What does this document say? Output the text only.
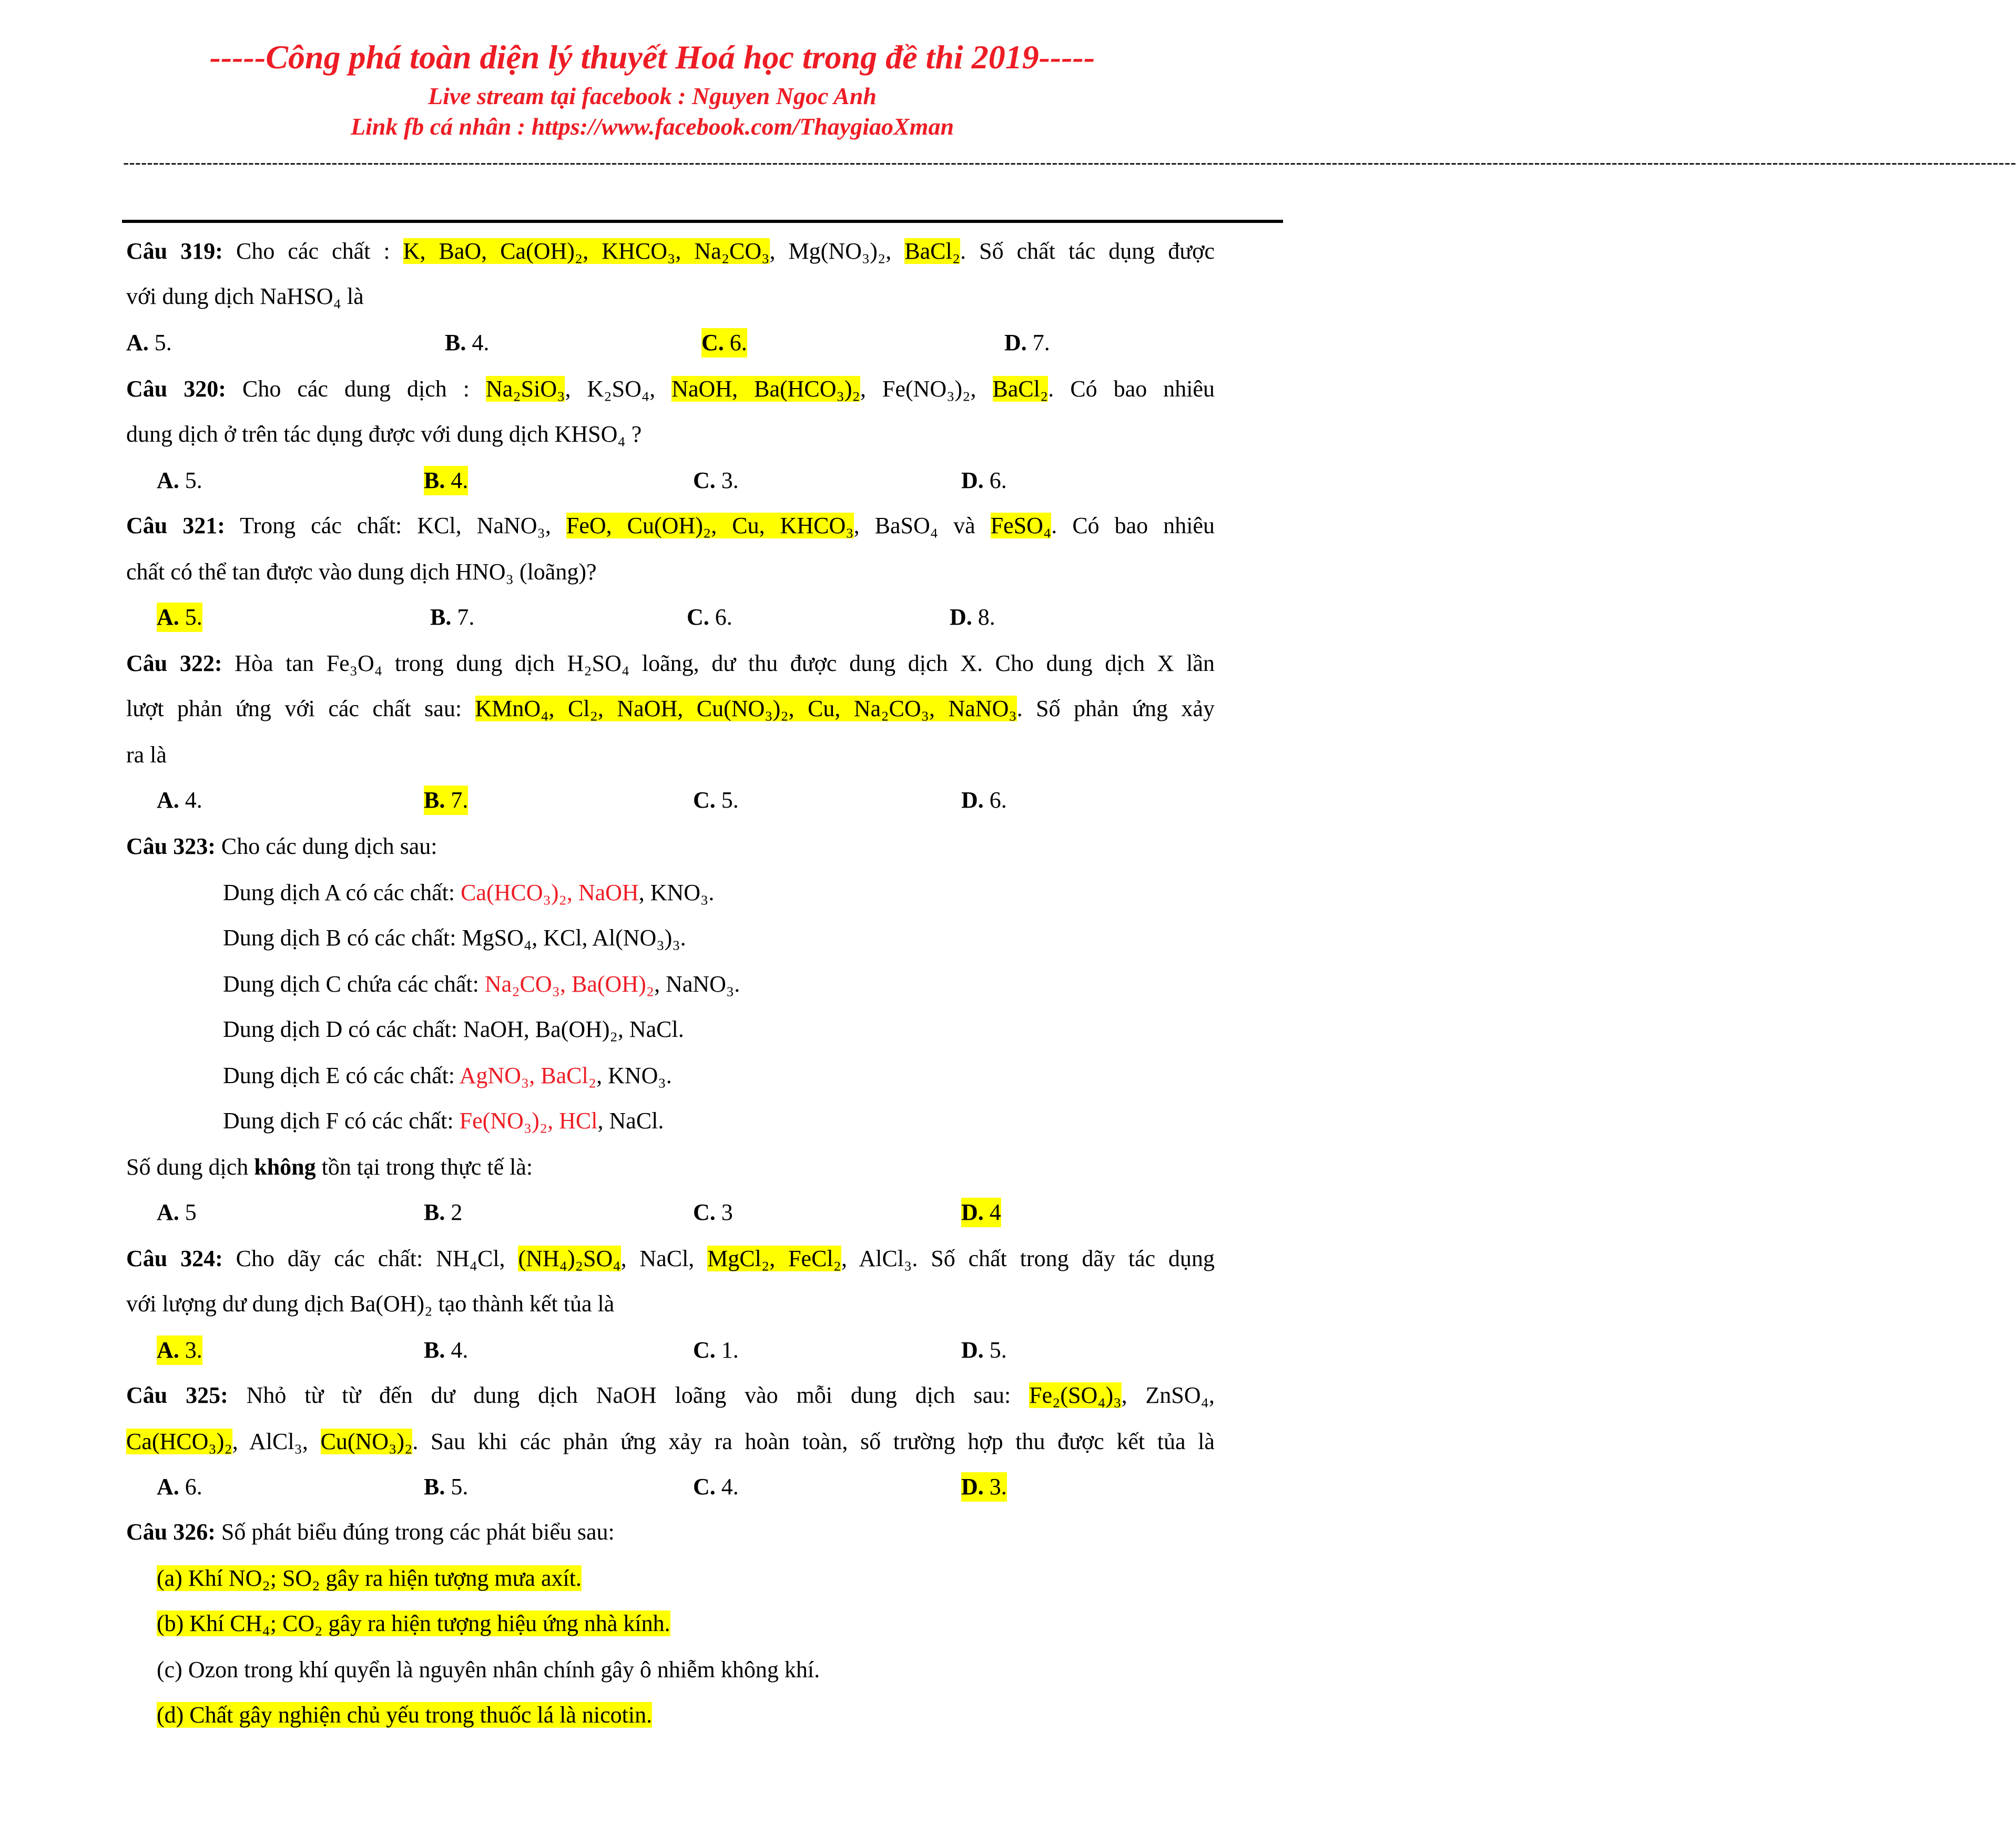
-----Công phá toàn diện lý thuyết Hoá học trong đề thi 2019-----
Live stream tại facebook : Nguyen Ngoc Anh
Link fb cá nhân : https://www.facebook.com/ThaygiaoXman
------------------------------------------------------------------------------------------------------------------------------------------------------------------------------------------------------------------------------------------------------------------------------------------------------------------------------
Câu 319: Cho các chất : K, BaO, Ca(OH)₂, KHCO₃, Na₂CO₃, Mg(NO₃)₂, BaCl₂. Số chất tác dụng được
với dung dịch NaHSO₄ là
A. 5.	B. 4.	C. 6.	D. 7.
Câu 320: Cho các dung dịch : Na₂SiO₃, K₂SO₄, NaOH, Ba(HCO₃)₂, Fe(NO₃)₂, BaCl₂. Có bao nhiêu
dung dịch ở trên tác dụng được với dung dịch KHSO₄ ?
A. 5.	B. 4.	C. 3.	D. 6.
Câu 321: Trong các chất: KCl, NaNO₃, FeO, Cu(OH)₂, Cu, KHCO₃, BaSO₄ và FeSO₄. Có bao nhiêu
chất có thể tan được vào dung dịch HNO₃ (loãng)?
A. 5.	B. 7.	C. 6.	D. 8.
Câu 322: Hòa tan Fe₃O₄ trong dung dịch H₂SO₄ loãng, dư thu được dung dịch X. Cho dung dịch X lần
lượt phản ứng với các chất sau: KMnO₄, Cl₂, NaOH, Cu(NO₃)₂, Cu, Na₂CO₃, NaNO₃. Số phản ứng xảy
ra là
A. 4.	B. 7.	C. 5.	D. 6.
Câu 323: Cho các dung dịch sau:
Dung dịch A có các chất: Ca(HCO₃)₂, NaOH, KNO₃.
Dung dịch B có các chất: MgSO₄, KCl, Al(NO₃)₃.
Dung dịch C chứa các chất: Na₂CO₃, Ba(OH)₂, NaNO₃.
Dung dịch D có các chất: NaOH, Ba(OH)₂, NaCl.
Dung dịch E có các chất: AgNO₃, BaCl₂, KNO₃.
Dung dịch F có các chất: Fe(NO₃)₂, HCl, NaCl.
Số dung dịch không tồn tại trong thực tế là:
A. 5	B. 2	C. 3	D. 4
Câu 324: Cho dãy các chất: NH₄Cl, (NH₄)₂SO₄, NaCl, MgCl₂, FeCl₂, AlCl₃. Số chất trong dãy tác dụng
với lượng dư dung dịch Ba(OH)₂ tạo thành kết tủa là
A. 3.	B. 4.	C. 1.	D. 5.
Câu 325: Nhỏ từ từ đến dư dung dịch NaOH loãng vào mỗi dung dịch sau: Fe₂(SO₄)₃, ZnSO₄,
Ca(HCO₃)₂, AlCl₃, Cu(NO₃)₂. Sau khi các phản ứng xảy ra hoàn toàn, số trường hợp thu được kết tủa là
A. 6.	B. 5.	C. 4.	D. 3.
Câu 326: Số phát biểu đúng trong các phát biểu sau:
(a) Khí NO₂; SO₂ gây ra hiện tượng mưa axít.
(b) Khí CH₄; CO₂ gây ra hiện tượng hiệu ứng nhà kính.
(c) Ozon trong khí quyển là nguyên nhân chính gây ô nhiễm không khí.
(d) Chất gây nghiện chủ yếu trong thuốc lá là nicotin.
